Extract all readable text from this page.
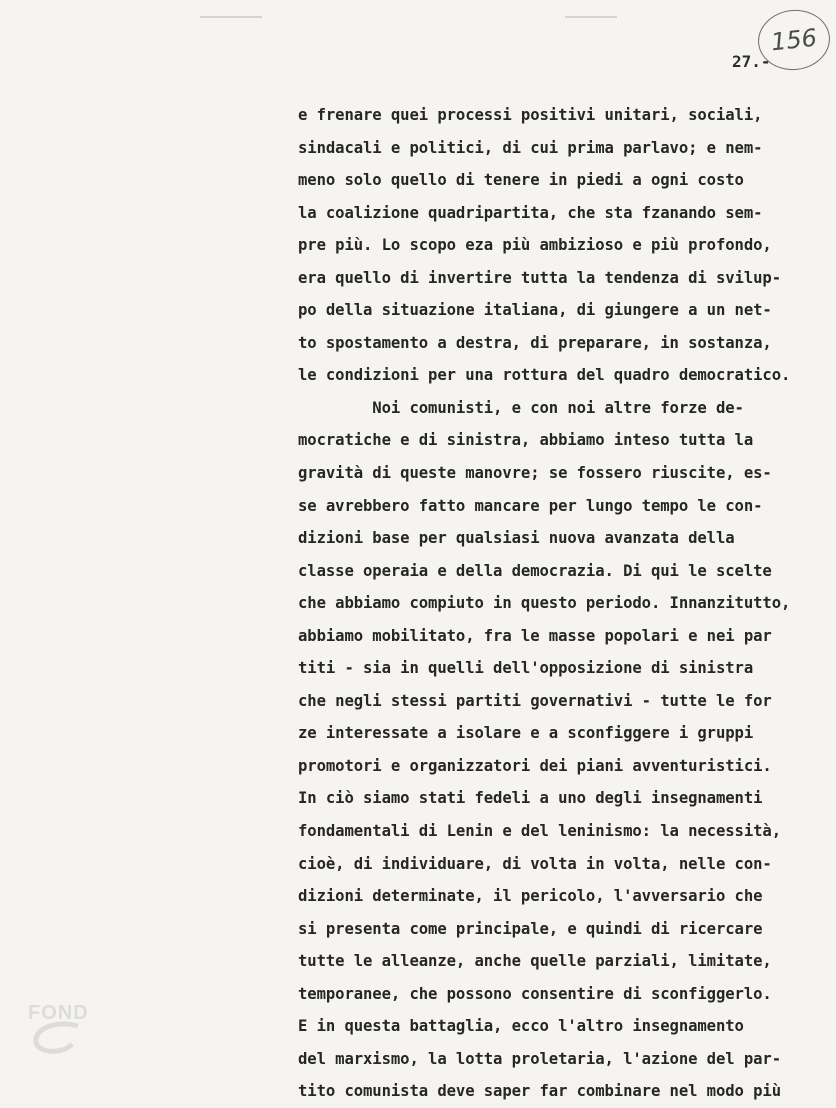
156
27.-
e frenare quei processi positivi unitari, sociali,
sindacali e politici, di cui prima parlavo; e nem-
meno solo quello di tenere in piedi a ogni costo
la coalizione quadripartita, che sta fzanando sem-
pre più. Lo scopo eza più ambizioso e più profondo,
era quello di invertire tutta la tendenza di svilup-
po della situazione italiana, di giungere a un net-
to spostamento a destra, di preparare, in sostanza,
le condizioni per una rottura del quadro democratico.
Noi comunisti, e con noi altre forze de-
mocratiche e di sinistra, abbiamo inteso tutta la
gravità di queste manovre; se fossero riuscite, es-
se avrebbero fatto mancare per lungo tempo le con-
dizioni base per qualsiasi nuova avanzata della
classe operaia e della democrazia. Di qui le scelte
che abbiamo compiuto in questo periodo. Innanzitutto,
abbiamo mobilitato, fra le masse popolari e nei par
titi - sia in quelli dell'opposizione di sinistra
che negli stessi partiti governativi - tutte le for
ze interessate a isolare e a sconfiggere i gruppi
promotori e organizzatori dei piani avventuristici.
In ciò siamo stati fedeli a uno degli insegnamenti
fondamentali di Lenin e del leninismo: la necessità,
cioè, di individuare, di volta in volta, nelle con-
dizioni determinate, il pericolo, l'avversario che
si presenta come principale, e quindi di ricercare
tutte le alleanze, anche quelle parziali, limitate,
temporanee, che possono consentire di sconfiggerlo.
E in questa battaglia, ecco l'altro insegnamento
del marxismo, la lotta proletaria, l'azione del par-
tito comunista deve saper far combinare nel modo più
FOND
